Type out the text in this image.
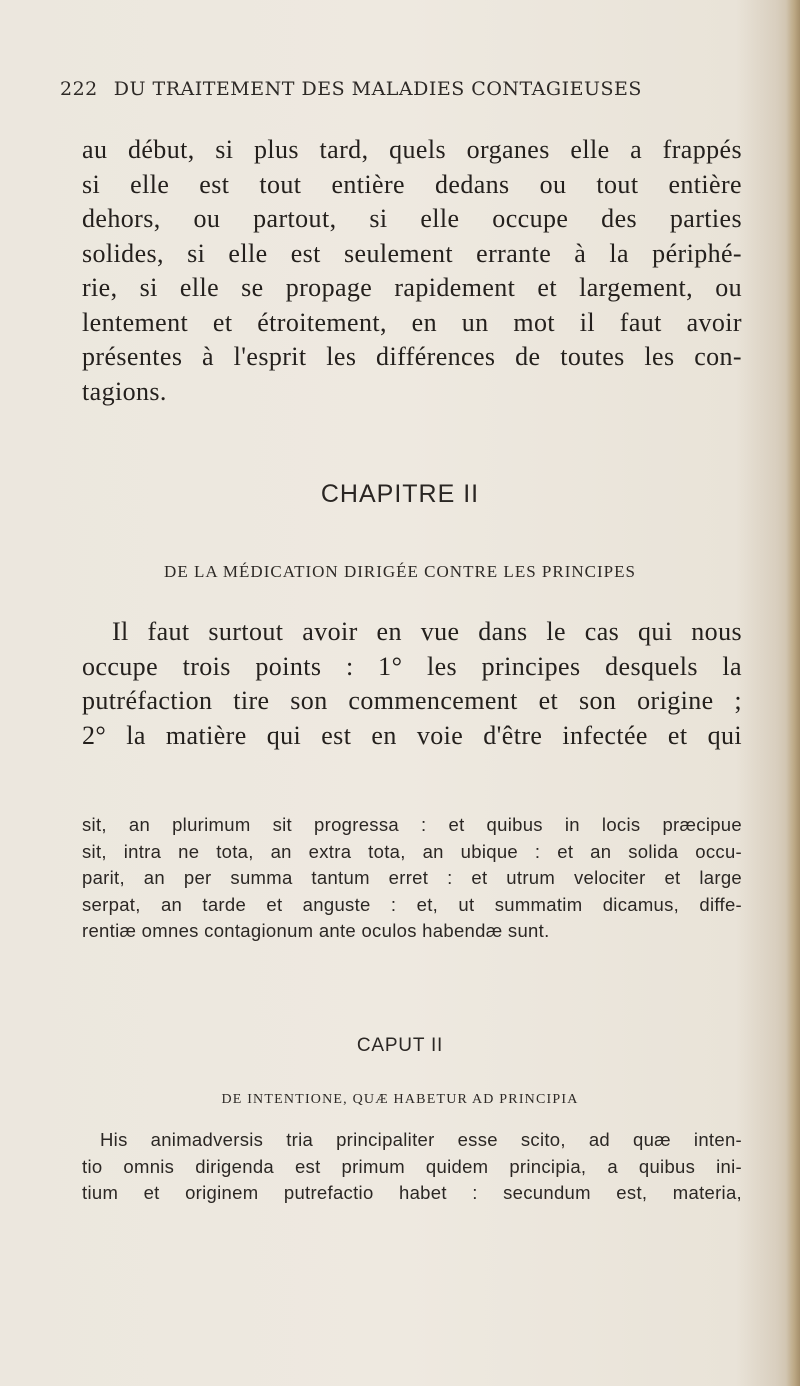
222 DU TRAITEMENT DES MALADIES CONTAGIEUSES
au début, si plus tard, quels organes elle a frappés
si elle est tout entière dedans ou tout entière
dehors, ou partout, si elle occupe des parties
solides, si elle est seulement errante à la périphé-
rie, si elle se propage rapidement et largement, ou
lentement et étroitement, en un mot il faut avoir
présentes à l'esprit les différences de toutes les con-
tagions.
CHAPITRE II
DE LA MÉDICATION DIRIGÉE CONTRE LES PRINCIPES
Il faut surtout avoir en vue dans le cas qui nous
occupe trois points : 1° les principes desquels la
putréfaction tire son commencement et son origine ;
2° la matière qui est en voie d'être infectée et qui
sit, an plurimum sit progressa : et quibus in locis præcipue
sit, intra ne tota, an extra tota, an ubique : et an solida occu-
parit, an per summa tantum erret : et utrum velociter et large
serpat, an tarde et anguste : et, ut summatim dicamus, diffe-
rentiæ omnes contagionum ante oculos habendæ sunt.
CAPUT II
DE INTENTIONE, QUÆ HABETUR AD PRINCIPIA
His animadversis tria principaliter esse scito, ad quæ inten-
tio omnis dirigenda est primum quidem principia, a quibus ini-
tium et originem putrefactio habet : secundum est, materia,
